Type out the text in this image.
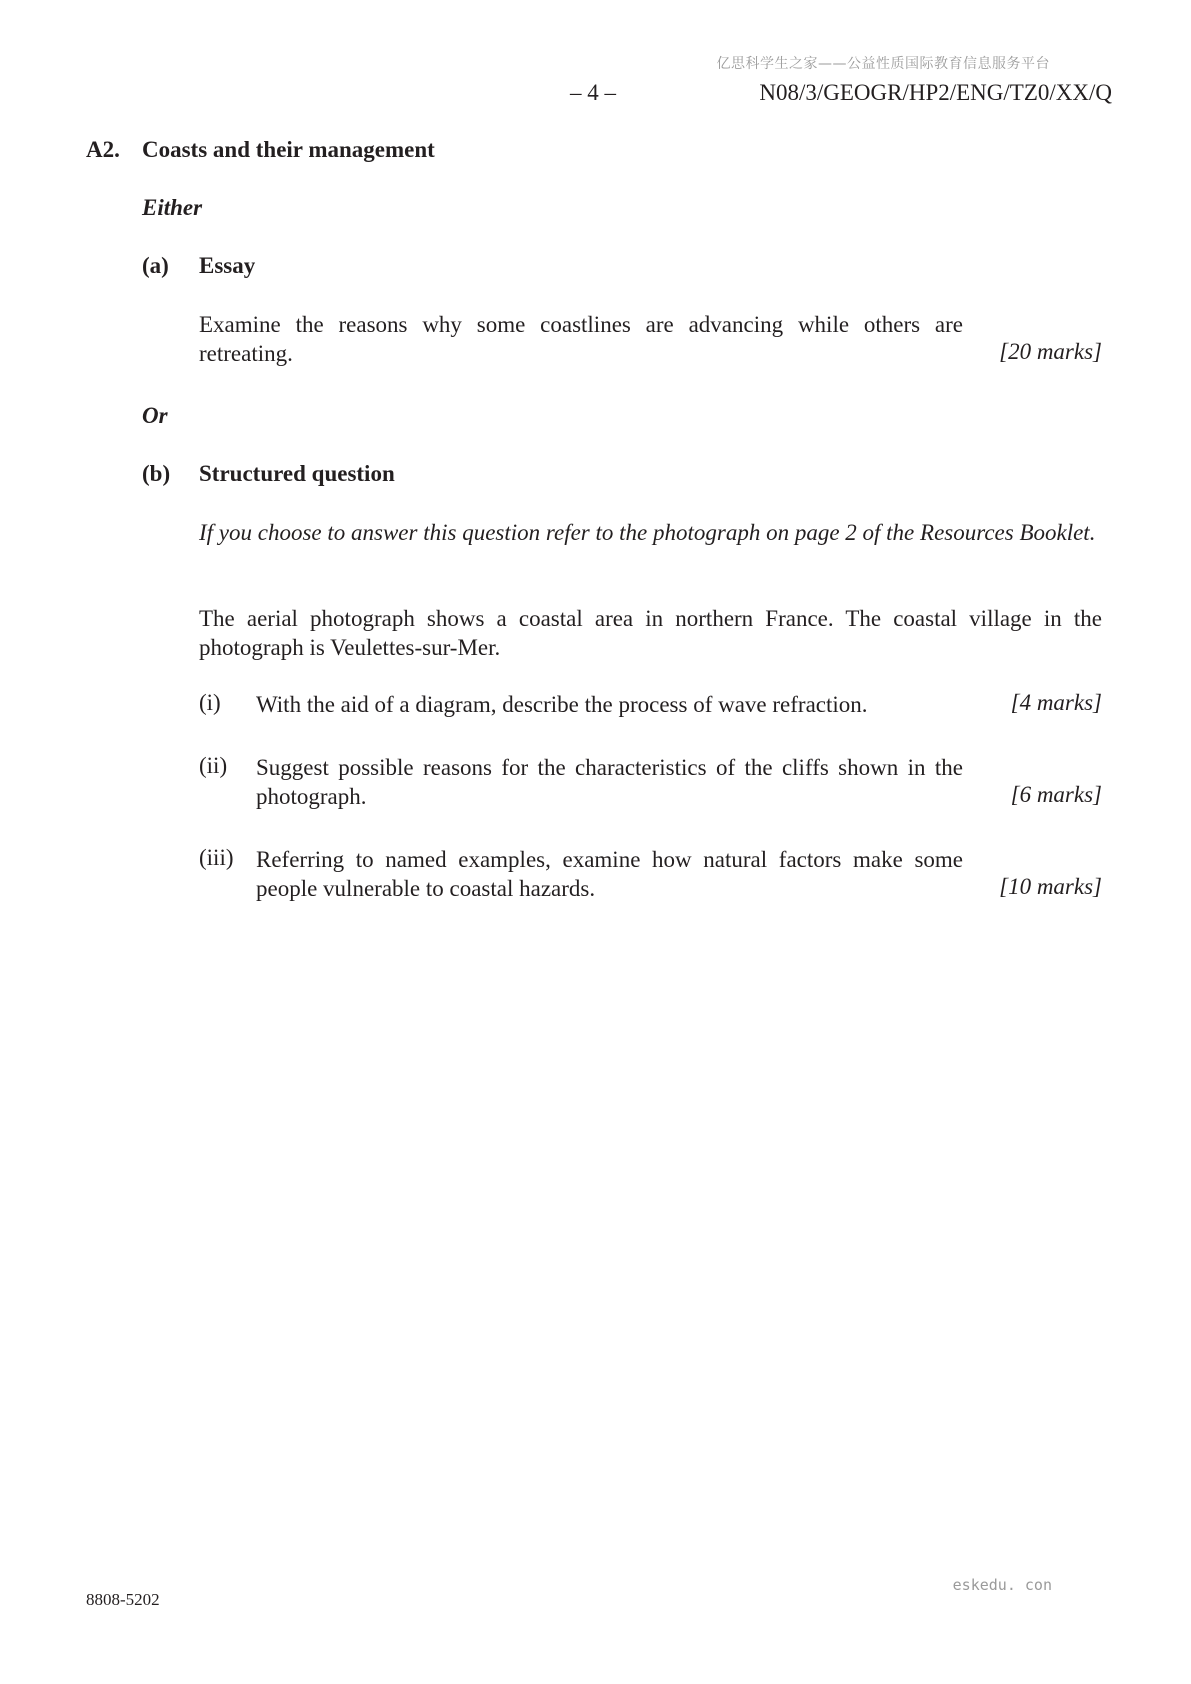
亿思科学生之家——公益性质国际教育信息服务平台
– 4 –	N08/3/GEOGR/HP2/ENG/TZ0/XX/Q
A2. Coasts and their management
Either
(a) Essay
Examine the reasons why some coastlines are advancing while others are retreating.	[20 marks]
Or
(b) Structured question
If you choose to answer this question refer to the photograph on page 2 of the Resources Booklet.
The aerial photograph shows a coastal area in northern France. The coastal village in the photograph is Veulettes-sur-Mer.
(i) With the aid of a diagram, describe the process of wave refraction.	[4 marks]
(ii) Suggest possible reasons for the characteristics of the cliffs shown in the photograph.	[6 marks]
(iii) Referring to named examples, examine how natural factors make some people vulnerable to coastal hazards.	[10 marks]
8808-5202
eskedu. con
